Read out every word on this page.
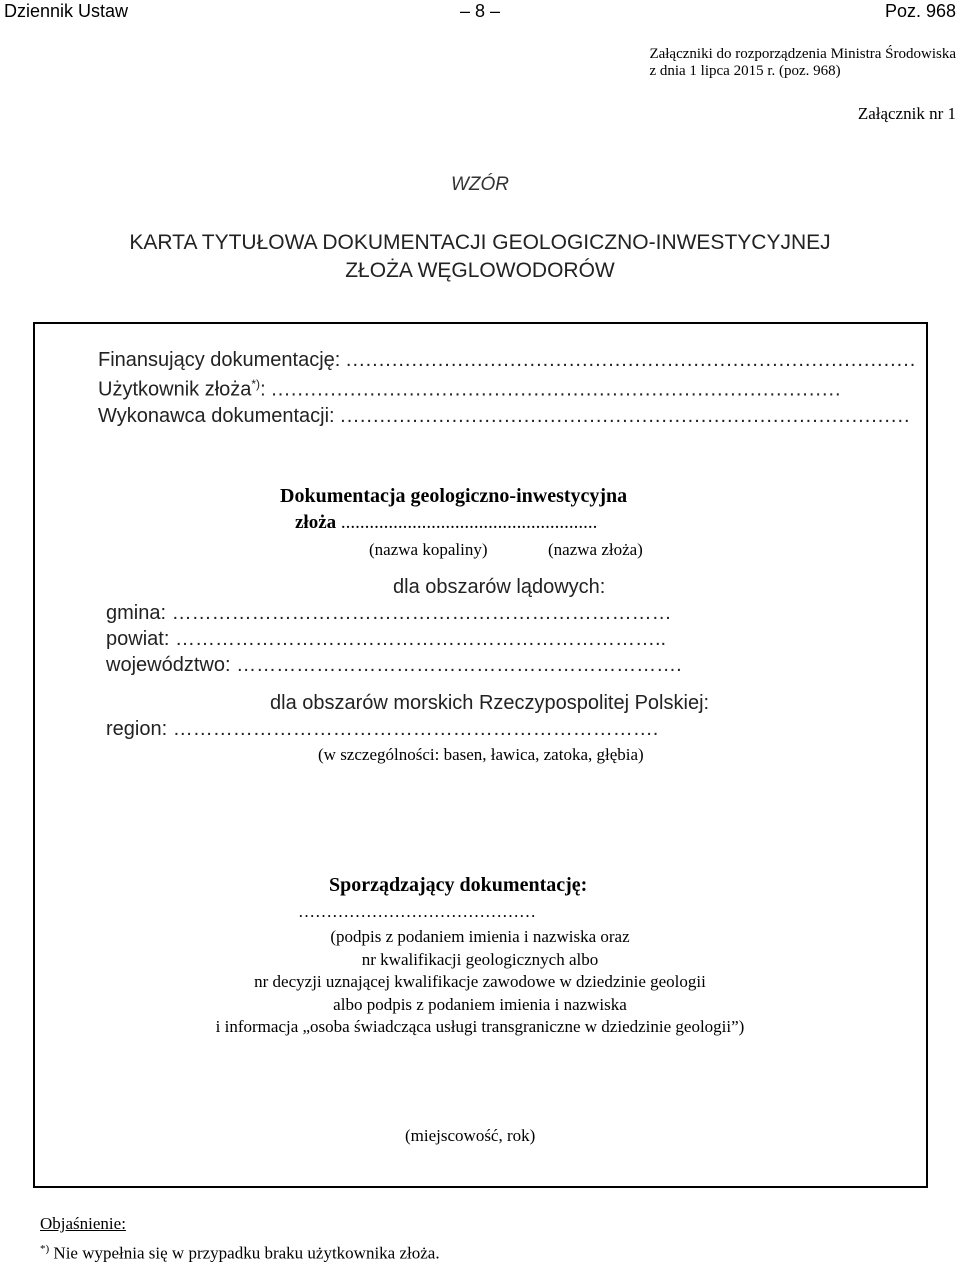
Dziennik Ustaw	– 8 –	Poz. 968
Załączniki do rozporządzenia Ministra Środowiska
z dnia 1 lipca 2015 r. (poz. 968)
Załącznik nr 1
WZÓR
KARTA TYTUŁOWA DOKUMENTACJI GEOLOGICZNO-INWESTYCYJNEJ
ZŁOŻA WĘGLOWODORÓW
Finansujący dokumentację: .......................................................................................
Użytkownik złoża*): .......................................................................................
Wykonawca dokumentacji: .......................................................................................
Dokumentacja geologiczno-inwestycyjna
złoża ......................................................
(nazwa kopaliny)	(nazwa złoża)
dla obszarów lądowych:
gmina: …………………………………………………………………
powiat: ………………………………………………………………..
województwo: ………………………………………………………….
dla obszarów morskich Rzeczypospolitej Polskiej:
region: ……………………………………………………………….
(w szczególności: basen, ławica, zatoka, głębia)
Sporządzający dokumentację:
……………………………………
(podpis z podaniem imienia i nazwiska oraz
nr kwalifikacji geologicznych albo
nr decyzji uznającej kwalifikacje zawodowe w dziedzinie geologii
albo podpis z podaniem imienia i nazwiska
i informacja „osoba świadcząca usługi transgraniczne w dziedzinie geologii”)
(miejscowość, rok)
Objaśnienie:
*) Nie wypełnia się w przypadku braku użytkownika złoża.
